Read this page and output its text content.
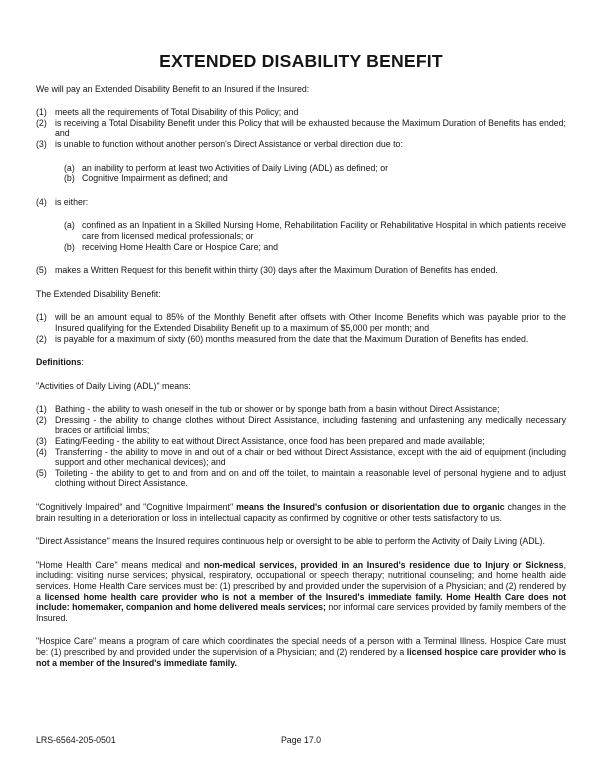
EXTENDED DISABILITY BENEFIT

We will pay an Extended Disability Benefit to an Insured if the Insured:

(1) meets all the requirements of Total Disability of this Policy; and
(2) is receiving a Total Disability Benefit under this Policy that will be exhausted because the Maximum Duration of Benefits has ended; and
(3) is unable to function without another person's Direct Assistance or verbal direction due to:
(a) an inability to perform at least two Activities of Daily Living (ADL) as defined; or
(b) Cognitive Impairment as defined; and
(4) is either:
(a) confined as an Inpatient in a Skilled Nursing Home, Rehabilitation Facility or Rehabilitative Hospital in which patients receive care from licensed medical professionals; or
(b) receiving Home Health Care or Hospice Care; and
(5) makes a Written Request for this benefit within thirty (30) days after the Maximum Duration of Benefits has ended.

The Extended Disability Benefit:

(1) will be an amount equal to 85% of the Monthly Benefit after offsets with Other Income Benefits which was payable prior to the Insured qualifying for the Extended Disability Benefit up to a maximum of $5,000 per month; and
(2) is payable for a maximum of sixty (60) months measured from the date that the Maximum Duration of Benefits has ended.

Definitions:

"Activities of Daily Living (ADL)" means:

(1) Bathing - the ability to wash oneself in the tub or shower or by sponge bath from a basin without Direct Assistance;
(2) Dressing - the ability to change clothes without Direct Assistance, including fastening and unfastening any medically necessary braces or artificial limbs;
(3) Eating/Feeding - the ability to eat without Direct Assistance, once food has been prepared and made available;
(4) Transferring - the ability to move in and out of a chair or bed without Direct Assistance, except with the aid of equipment (including support and other mechanical devices); and
(5) Toileting - the ability to get to and from and on and off the toilet, to maintain a reasonable level of personal hygiene and to adjust clothing without Direct Assistance.

"Cognitively Impaired" and "Cognitive Impairment" means the Insured's confusion or disorientation due to organic changes in the brain resulting in a deterioration or loss in intellectual capacity as confirmed by cognitive or other tests satisfactory to us.

"Direct Assistance" means the Insured requires continuous help or oversight to be able to perform the Activity of Daily Living (ADL).

"Home Health Care" means medical and non-medical services, provided in an Insured's residence due to Injury or Sickness, including: visiting nurse services; physical, respiratory, occupational or speech therapy; nutritional counseling; and home health aide services. Home Health Care services must be: (1) prescribed by and provided under the supervision of a Physician; and (2) rendered by a licensed home health care provider who is not a member of the Insured's immediate family. Home Health Care does not include: homemaker, companion and home delivered meals services; nor informal care services provided by family members of the Insured.

"Hospice Care" means a program of care which coordinates the special needs of a person with a Terminal Illness. Hospice Care must be: (1) prescribed by and provided under the supervision of a Physician; and (2) rendered by a licensed hospice care provider who is not a member of the Insured's immediate family.

LRS-6564-205-0501	Page 17.0
